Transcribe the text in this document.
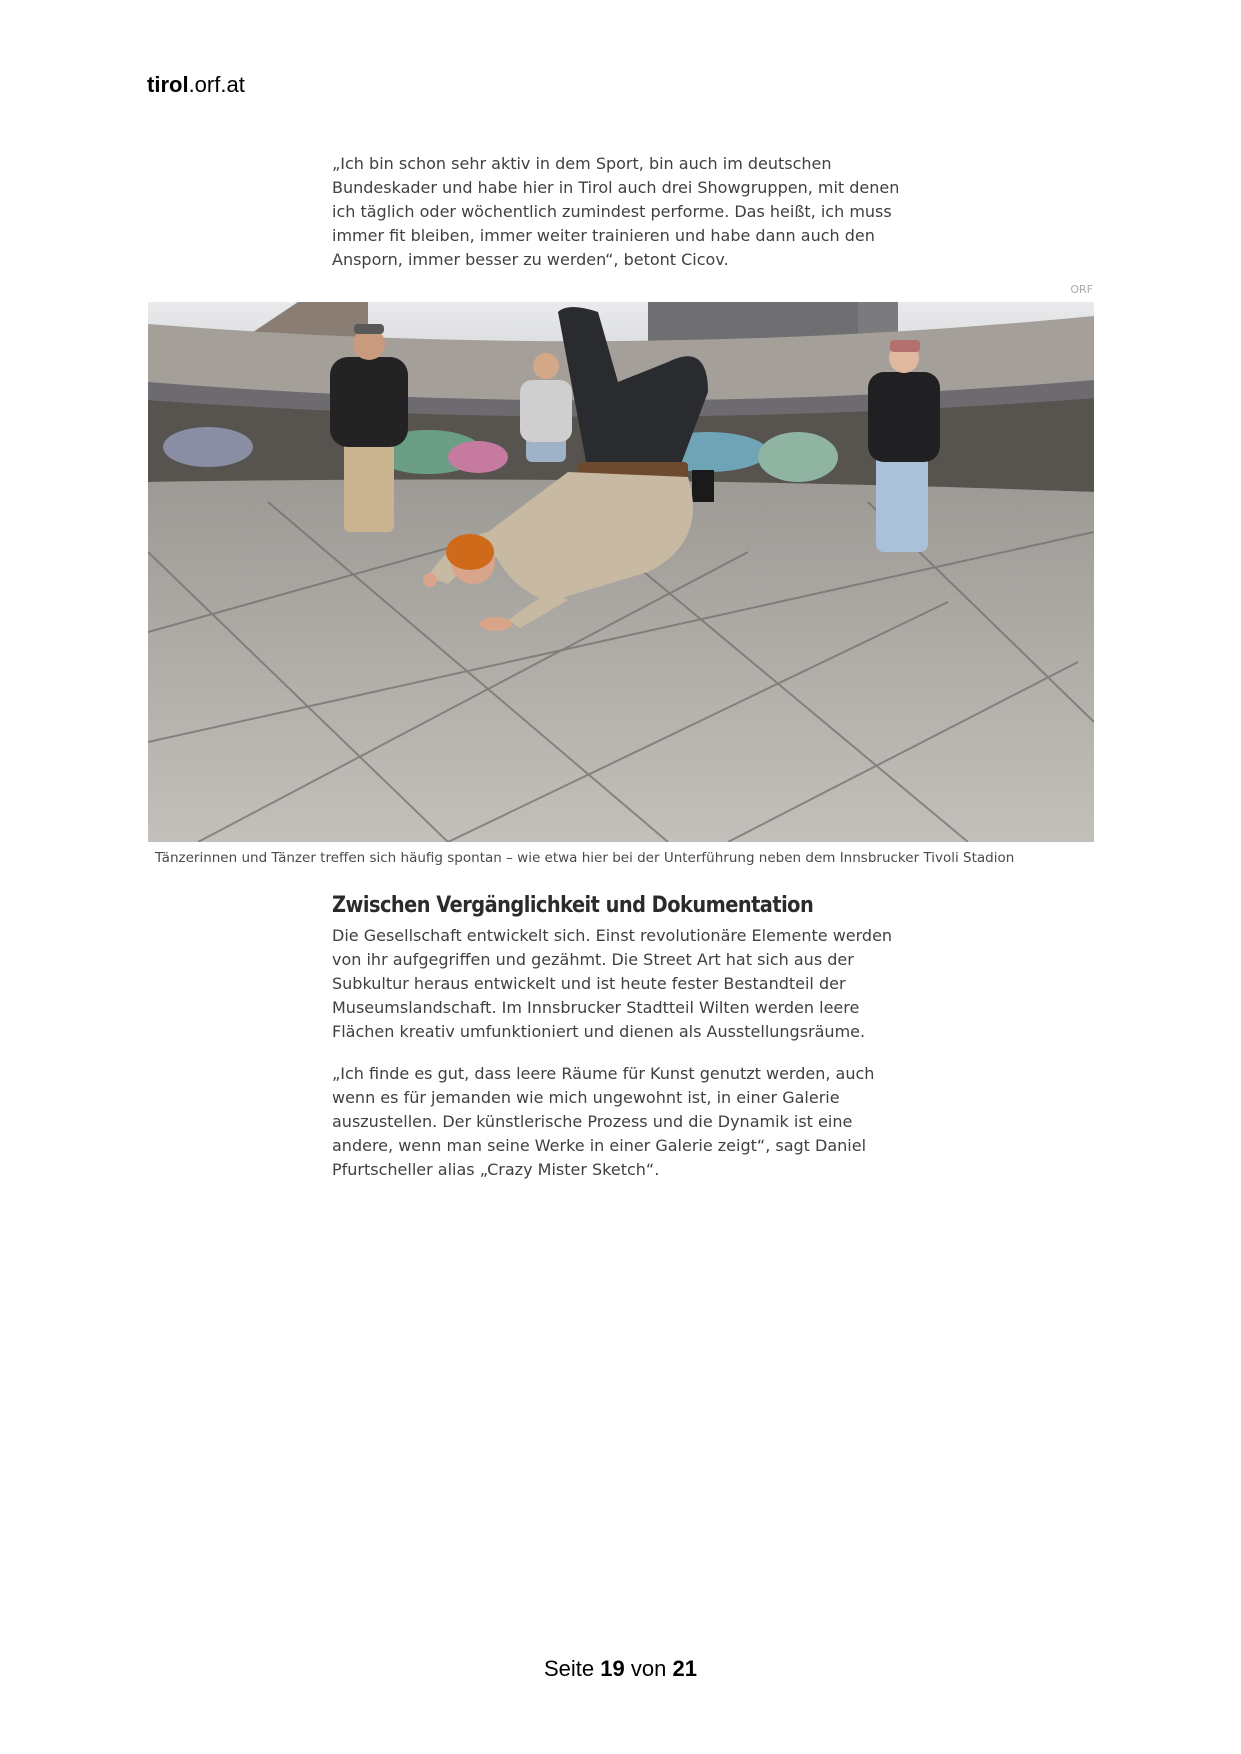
tirol.orf.at

„Ich bin schon sehr aktiv in dem Sport, bin auch im deutschen
Bundeskader und habe hier in Tirol auch drei Showgruppen, mit denen
ich täglich oder wöchentlich zumindest performe. Das heißt, ich muss
immer fit bleiben, immer weiter trainieren und habe dann auch den
Ansporn, immer besser zu werden“, betont Cicov.

ORF
Tänzerinnen und Tänzer treffen sich häufig spontan – wie etwa hier bei der Unterführung neben dem Innsbrucker Tivoli Stadion
Zwischen Vergänglichkeit und Dokumentation

Die Gesellschaft entwickelt sich. Einst revolutionäre Elemente werden
von ihr aufgegriffen und gezähmt. Die Street Art hat sich aus der
Subkultur heraus entwickelt und ist heute fester Bestandteil der
Museumslandschaft. Im Innsbrucker Stadtteil Wilten werden leere
Flächen kreativ umfunktioniert und dienen als Ausstellungsräume.

„Ich finde es gut, dass leere Räume für Kunst genutzt werden, auch
wenn es für jemanden wie mich ungewohnt ist, in einer Galerie
auszustellen. Der künstlerische Prozess und die Dynamik ist eine
andere, wenn man seine Werke in einer Galerie zeigt“, sagt Daniel
Pfurtscheller alias „Crazy Mister Sketch“.

Seite 19 von 21
